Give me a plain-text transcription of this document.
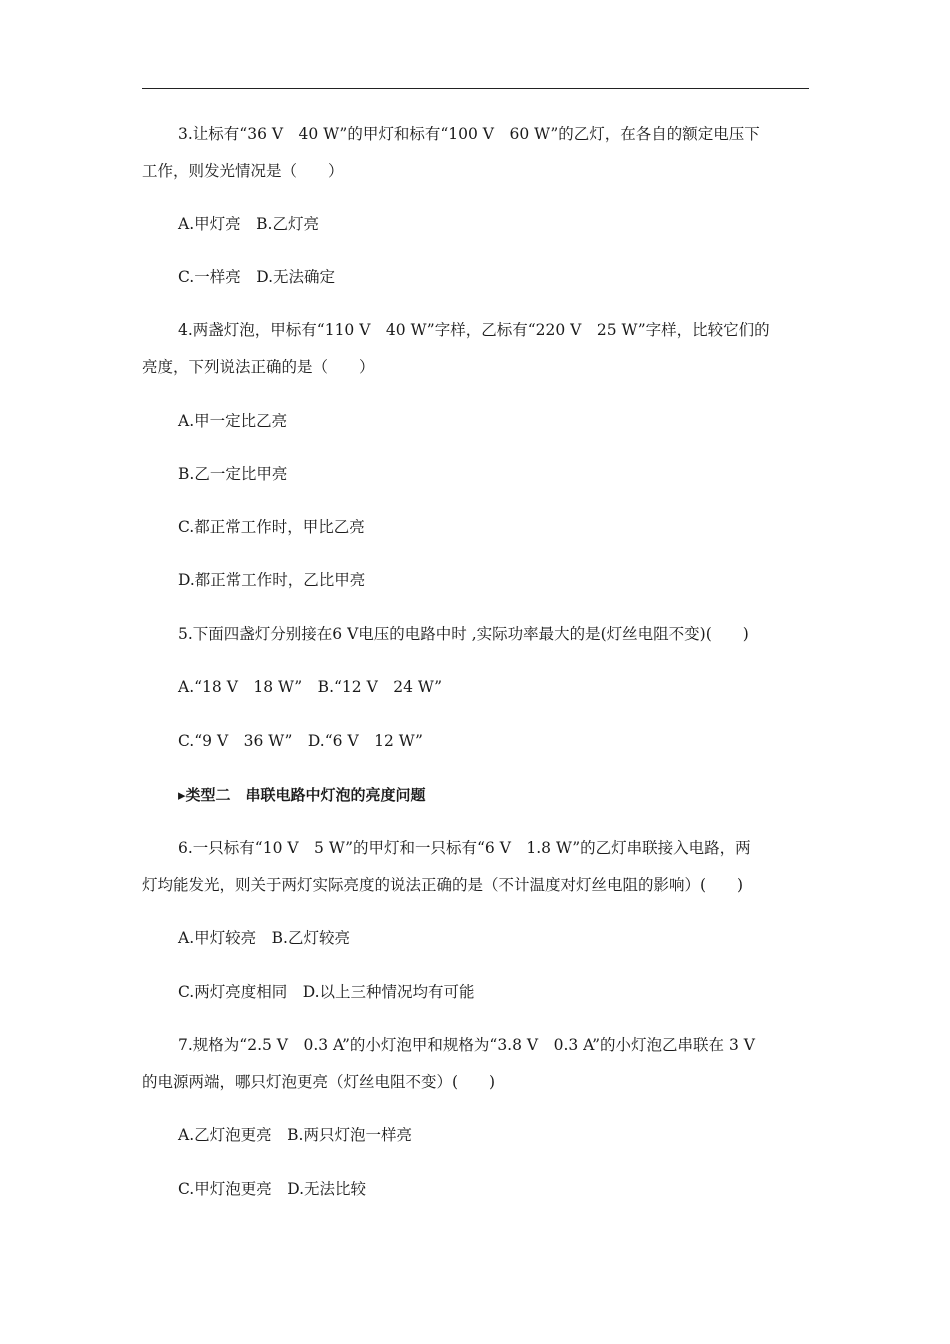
3.让标有“36 V　40 W”的甲灯和标有“100 V　60 W”的乙灯，在各自的额定电压下
工作，则发光情况是（　　）
A.甲灯亮　B.乙灯亮
C.一样亮　D.无法确定
4.两盏灯泡，甲标有“110 V　40 W”字样，乙标有“220 V　25 W”字样，比较它们的
亮度，下列说法正确的是（　　）
A.甲一定比乙亮
B.乙一定比甲亮
C.都正常工作时，甲比乙亮
D.都正常工作时，乙比甲亮
5.下面四盏灯分别接在6 V电压的电路中时 ,实际功率最大的是(灯丝电阻不变)(　　)
A.“18 V　18 W”　B.“12 V　24 W”
C.“9 V　36 W”　D.“6 V　12 W”
▸类型二　串联电路中灯泡的亮度问题
6.一只标有“10 V　5 W”的甲灯和一只标有“6 V　1.8 W”的乙灯串联接入电路，两
灯均能发光，则关于两灯实际亮度的说法正确的是（不计温度对灯丝电阻的影响）(　　)
A.甲灯较亮　B.乙灯较亮
C.两灯亮度相同　D.以上三种情况均有可能
7.规格为“2.5 V　0.3 A”的小灯泡甲和规格为“3.8 V　0.3 A”的小灯泡乙串联在 3 V
的电源两端，哪只灯泡更亮（灯丝电阻不变）(　　)
A.乙灯泡更亮　B.两只灯泡一样亮
C.甲灯泡更亮　D.无法比较
